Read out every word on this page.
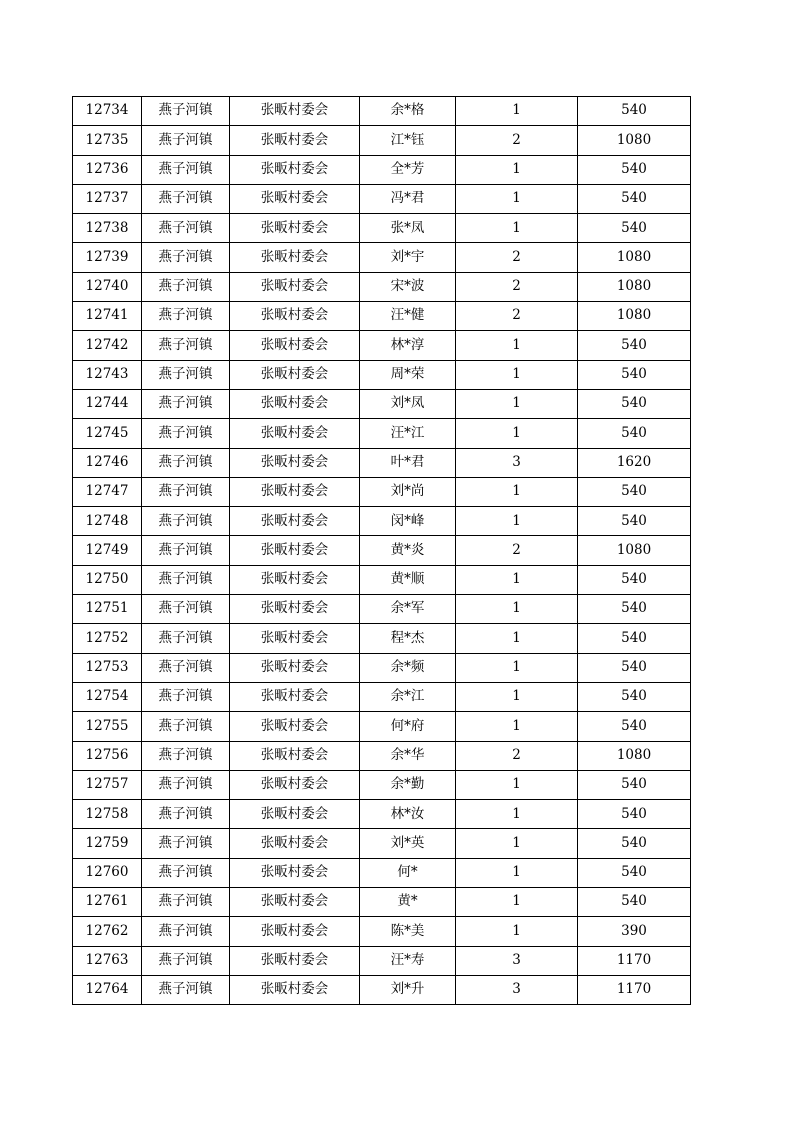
12734	燕子河镇	张畈村委会	余*格	1	540
12735	燕子河镇	张畈村委会	江*钰	2	1080
12736	燕子河镇	张畈村委会	全*芳	1	540
12737	燕子河镇	张畈村委会	冯*君	1	540
12738	燕子河镇	张畈村委会	张*凤	1	540
12739	燕子河镇	张畈村委会	刘*宇	2	1080
12740	燕子河镇	张畈村委会	宋*波	2	1080
12741	燕子河镇	张畈村委会	汪*健	2	1080
12742	燕子河镇	张畈村委会	林*淳	1	540
12743	燕子河镇	张畈村委会	周*荣	1	540
12744	燕子河镇	张畈村委会	刘*凤	1	540
12745	燕子河镇	张畈村委会	汪*江	1	540
12746	燕子河镇	张畈村委会	叶*君	3	1620
12747	燕子河镇	张畈村委会	刘*尚	1	540
12748	燕子河镇	张畈村委会	闵*峰	1	540
12749	燕子河镇	张畈村委会	黄*炎	2	1080
12750	燕子河镇	张畈村委会	黄*顺	1	540
12751	燕子河镇	张畈村委会	余*军	1	540
12752	燕子河镇	张畈村委会	程*杰	1	540
12753	燕子河镇	张畈村委会	余*频	1	540
12754	燕子河镇	张畈村委会	余*江	1	540
12755	燕子河镇	张畈村委会	何*府	1	540
12756	燕子河镇	张畈村委会	余*华	2	1080
12757	燕子河镇	张畈村委会	余*勤	1	540
12758	燕子河镇	张畈村委会	林*汝	1	540
12759	燕子河镇	张畈村委会	刘*英	1	540
12760	燕子河镇	张畈村委会	何*	1	540
12761	燕子河镇	张畈村委会	黄*	1	540
12762	燕子河镇	张畈村委会	陈*美	1	390
12763	燕子河镇	张畈村委会	汪*寿	3	1170
12764	燕子河镇	张畈村委会	刘*升	3	1170
